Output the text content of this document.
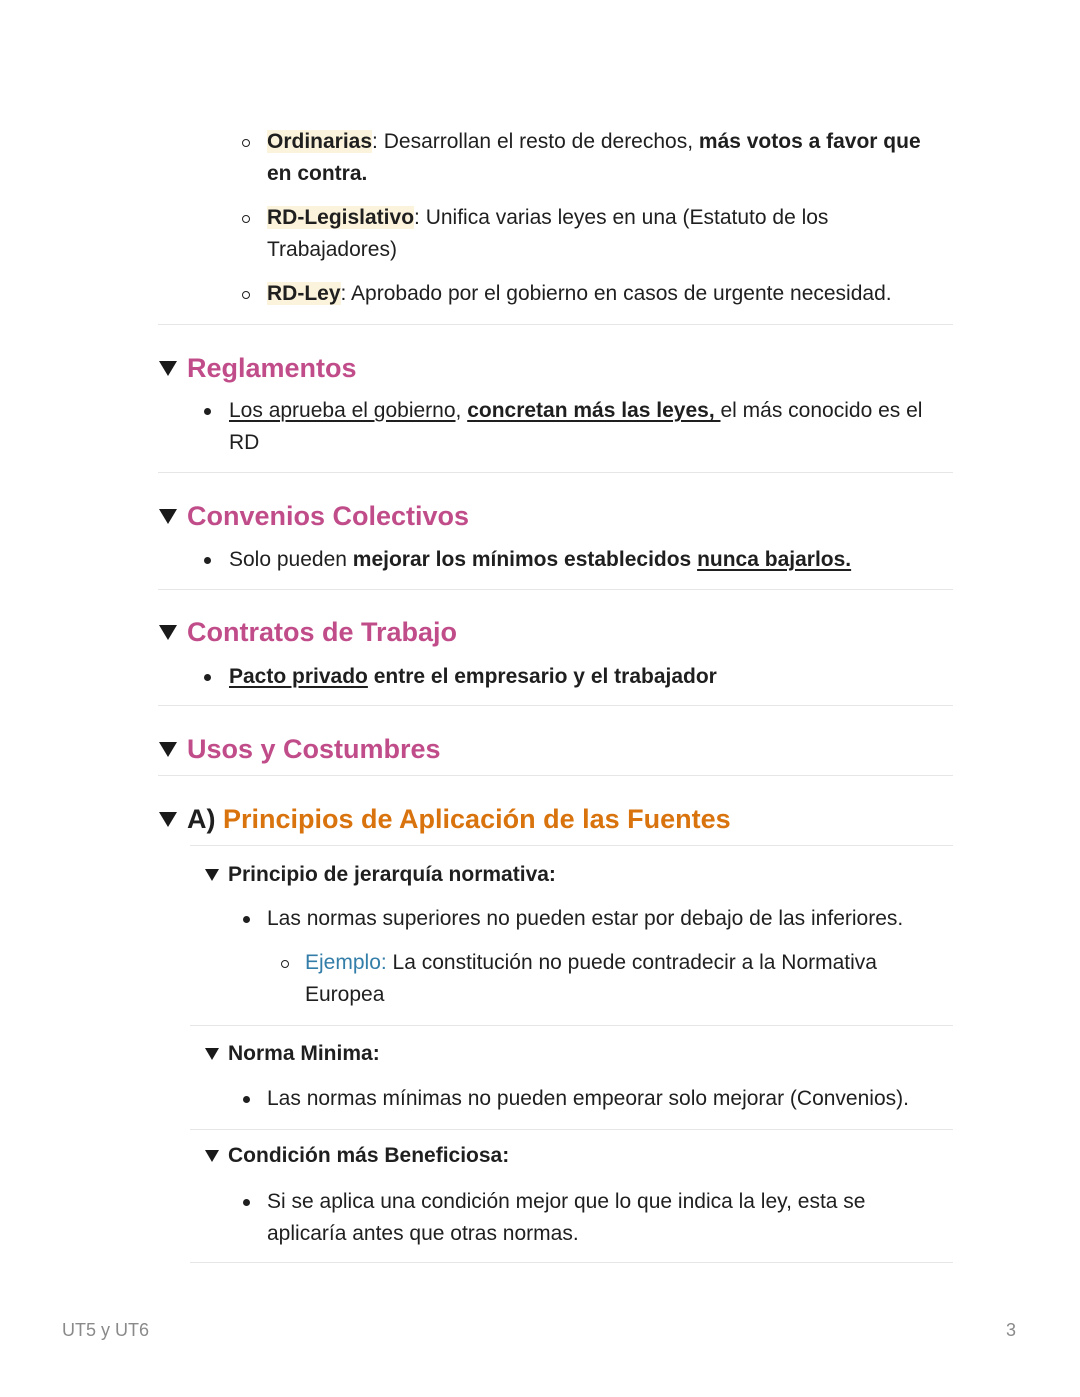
Ordinarias: Desarrollan el resto de derechos, más votos a favor que
en contra.
RD-Legislativo: Unifica varias leyes en una (Estatuto de los
Trabajadores)
RD-Ley: Aprobado por el gobierno en casos de urgente necesidad.
Reglamentos
Los aprueba el gobierno, concretan más las leyes, el más conocido es el
RD
Convenios Colectivos
Solo pueden mejorar los mínimos establecidos nunca bajarlos.
Contratos de Trabajo
Pacto privado entre el empresario y el trabajador
Usos y Costumbres
A) Principios de Aplicación de las Fuentes
Principio de jerarquía normativa:
Las normas superiores no pueden estar por debajo de las inferiores.
Ejemplo: La constitución no puede contradecir a la Normativa
Europea
Norma Minima:
Las normas mínimas no pueden empeorar solo mejorar (Convenios).
Condición más Beneficiosa:
Si se aplica una condición mejor que lo que indica la ley, esta se
aplicaría antes que otras normas.
UT5 y UT6	3
